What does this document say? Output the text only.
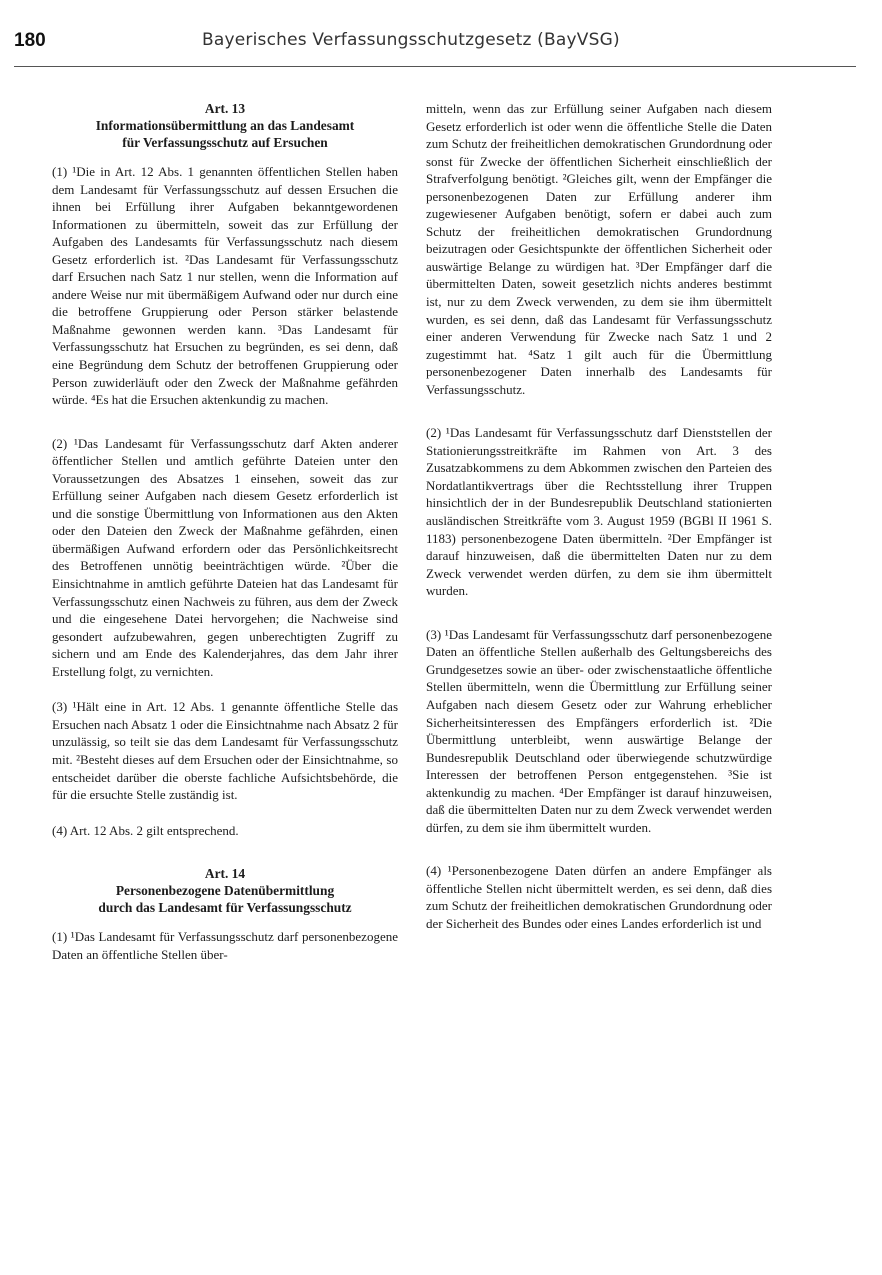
180	Bayerisches Verfassungsschutzgesetz (BayVSG)
Art. 13
Informationsübermittlung an das Landesamt
für Verfassungsschutz auf Ersuchen

(1) ¹Die in Art. 12 Abs. 1 genannten öffentlichen Stellen haben dem Landesamt für Verfassungsschutz auf dessen Ersuchen die ihnen bei Erfüllung ihrer Aufgaben bekanntgewordenen Informationen zu übermitteln, soweit das zur Erfüllung der Aufgaben des Landesamts für Verfassungsschutz nach diesem Gesetz erforderlich ist. ²Das Landesamt für Verfassungsschutz darf Ersuchen nach Satz 1 nur stellen, wenn die Information auf andere Weise nur mit übermäßigem Aufwand oder nur durch eine die betroffene Gruppierung oder Person stärker belastende Maßnahme gewonnen werden kann. ³Das Landesamt für Verfassungsschutz hat Ersuchen zu begründen, es sei denn, daß eine Begründung dem Schutz der betroffenen Gruppierung oder Person zuwiderläuft oder den Zweck der Maßnahme gefährden würde. ⁴Es hat die Ersuchen aktenkundig zu machen.

(2) ¹Das Landesamt für Verfassungsschutz darf Akten anderer öffentlicher Stellen und amtlich geführte Dateien unter den Voraussetzungen des Absatzes 1 einsehen, soweit das zur Erfüllung seiner Aufgaben nach diesem Gesetz erforderlich ist und die sonstige Übermittlung von Informationen aus den Akten oder den Dateien den Zweck der Maßnahme gefährden, einen übermäßigen Aufwand erfordern oder das Persönlichkeitsrecht des Betroffenen unnötig beeinträchtigen würde. ²Über die Einsichtnahme in amtlich geführte Dateien hat das Landesamt für Verfassungsschutz einen Nachweis zu führen, aus dem der Zweck und die eingesehene Datei hervorgehen; die Nachweise sind gesondert aufzubewahren, gegen unberechtigten Zugriff zu sichern und am Ende des Kalenderjahres, das dem Jahr ihrer Erstellung folgt, zu vernichten.

(3) ¹Hält eine in Art. 12 Abs. 1 genannte öffentliche Stelle das Ersuchen nach Absatz 1 oder die Einsichtnahme nach Absatz 2 für unzulässig, so teilt sie das dem Landesamt für Verfassungsschutz mit. ²Besteht dieses auf dem Ersuchen oder der Einsichtnahme, so entscheidet darüber die oberste fachliche Aufsichtsbehörde, die für die ersuchte Stelle zuständig ist.

(4) Art. 12 Abs. 2 gilt entsprechend.

Art. 14
Personenbezogene Datenübermittlung
durch das Landesamt für Verfassungsschutz

(1) ¹Das Landesamt für Verfassungsschutz darf personenbezogene Daten an öffentliche Stellen über-

mitteln, wenn das zur Erfüllung seiner Aufgaben nach diesem Gesetz erforderlich ist oder wenn die öffentliche Stelle die Daten zum Schutz der freiheitlichen demokratischen Grundordnung oder sonst für Zwecke der öffentlichen Sicherheit einschließlich der Strafverfolgung benötigt. ²Gleiches gilt, wenn der Empfänger die personenbezogenen Daten zur Erfüllung anderer ihm zugewiesener Aufgaben benötigt, sofern er dabei auch zum Schutz der freiheitlichen demokratischen Grundordnung beizutragen oder Gesichtspunkte der öffentlichen Sicherheit oder auswärtige Belange zu würdigen hat. ³Der Empfänger darf die übermittelten Daten, soweit gesetzlich nichts anderes bestimmt ist, nur zu dem Zweck verwenden, zu dem sie ihm übermittelt wurden, es sei denn, daß das Landesamt für Verfassungsschutz einer anderen Verwendung für Zwecke nach Satz 1 und 2 zugestimmt hat. ⁴Satz 1 gilt auch für die Übermittlung personenbezogener Daten innerhalb des Landesamts für Verfassungsschutz.

(2) ¹Das Landesamt für Verfassungsschutz darf Dienststellen der Stationierungsstreitkräfte im Rahmen von Art. 3 des Zusatzabkommens zu dem Abkommen zwischen den Parteien des Nordatlantikvertrags über die Rechtsstellung ihrer Truppen hinsichtlich der in der Bundesrepublik Deutschland stationierten ausländischen Streitkräfte vom 3. August 1959 (BGBl II 1961 S. 1183) personenbezogene Daten übermitteln. ²Der Empfänger ist darauf hinzuweisen, daß die übermittelten Daten nur zu dem Zweck verwendet werden dürfen, zu dem sie ihm übermittelt wurden.

(3) ¹Das Landesamt für Verfassungsschutz darf personenbezogene Daten an öffentliche Stellen außerhalb des Geltungsbereichs des Grundgesetzes sowie an über- oder zwischenstaatliche öffentliche Stellen übermitteln, wenn die Übermittlung zur Erfüllung seiner Aufgaben nach diesem Gesetz oder zur Wahrung erheblicher Sicherheitsinteressen des Empfängers erforderlich ist. ²Die Übermittlung unterbleibt, wenn auswärtige Belange der Bundesrepublik Deutschland oder überwiegende schutzwürdige Interessen der betroffenen Person entgegenstehen. ³Sie ist aktenkundig zu machen. ⁴Der Empfänger ist darauf hinzuweisen, daß die übermittelten Daten nur zu dem Zweck verwendet werden dürfen, zu dem sie ihm übermittelt wurden.

(4) ¹Personenbezogene Daten dürfen an andere Empfänger als öffentliche Stellen nicht übermittelt werden, es sei denn, daß dies zum Schutz der freiheitlichen demokratischen Grundordnung oder der Sicherheit des Bundes oder eines Landes erforderlich ist und
